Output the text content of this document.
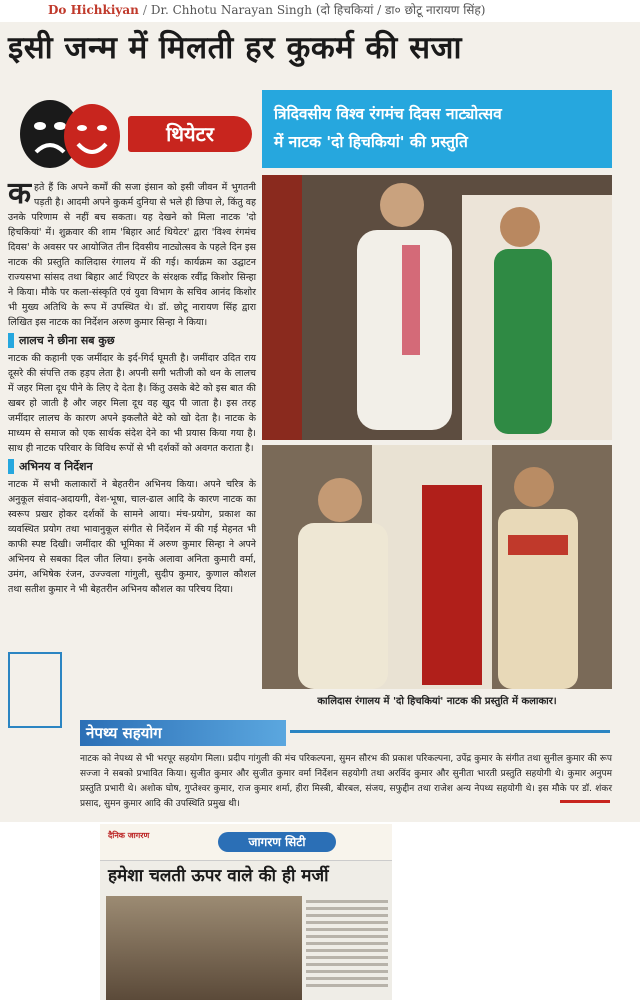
Do Hichkiyan / Dr. Chhotu Narayan Singh (दो हिचकियां / डा० छोटू नारायण सिंह)
इसी जन्म में मिलती हर कुकर्म की सजा
थियेटर
त्रिदिवसीय विश्व रंगमंच दिवस नाट्योत्सव
में नाटक 'दो हिचकियां' की प्रस्तुति

कहते हैं कि अपने कर्मों की सजा इंसान को इसी जीवन में भुगतनी पड़ती है। आदमी अपने कुकर्म दुनिया से भले ही छिपा ले, किंतु वह उनके परिणाम से नहीं बच सकता। यह देखने को मिला नाटक 'दो हिचकियां' में। शुक्रवार की शाम 'बिहार आर्ट थियेटर' द्वारा 'विश्व रंगमंच दिवस' के अवसर पर आयोजित तीन दिवसीय नाट्योत्सव के पहले दिन इस नाटक की प्रस्तुति कालिदास रंगालय में की गई। कार्यक्रम का उद्घाटन राज्यसभा सांसद तथा बिहार आर्ट थिएटर के संरक्षक रवींद्र किशोर सिन्हा ने किया। मौके पर कला-संस्कृति एवं युवा विभाग के सचिव आनंद किशोर भी मुख्य अतिथि के रूप में उपस्थित थे। डॉ. छोटू नारायण सिंह द्वारा लिखित इस नाटक का निर्देशन अरुण कुमार सिन्हा ने किया।

लालच ने छीना सब कुछ

नाटक की कहानी एक जमींदार के इर्द-गिर्द घूमती है। जमींदार उदित राय दूसरे की संपत्ति तक हड़प लेता है। अपनी सगी भतीजी को धन के लालच में जहर मिला दूध पीने के लिए दे देता है। किंतु उसके बेटे को इस बात की खबर हो जाती है और जहर मिला दूध वह खुद पी जाता है। इस तरह जमींदार लालच के कारण अपने इकलौते बेटे को खो देता है। नाटक के माध्यम से समाज को एक सार्थक संदेश देने का भी प्रयास किया गया है। साथ ही नाटक परिवार के विविध रूपों से भी दर्शकों को अवगत कराता है।

अभिनय व निर्देशन

नाटक में सभी कलाकारों ने बेहतरीन अभिनय किया। अपने चरित्र के अनुकूल संवाद-अदायगी, वेश-भूषा, चाल-ढाल आदि के कारण नाटक का स्वरूप प्रखर होकर दर्शकों के सामने आया। मंच-प्रयोग, प्रकाश का व्यवस्थित प्रयोग तथा भावानुकूल संगीत से निर्देशन में की गई मेहनत भी काफी स्पष्ट दिखी। जमींदार की भूमिका में अरुण कुमार सिन्हा ने अपने अभिनय से सबका दिल जीत लिया। इनके अलावा अनिता कुमारी वर्मा, उमंग, अभिषेक रंजन, उज्ज्वला गांगुली, सुदीप कुमार, कुणाल कौशल तथा सतीश कुमार ने भी बेहतरीन अभिनय कौशल का परिचय दिया।

कालिदास रंगालय में 'दो हिचकियां' नाटक की प्रस्तुति में कलाकार।
नेपथ्य सहयोग
नाटक को नेपथ्य से भी भरपूर सहयोग मिला। प्रदीप गांगुली की मंच परिकल्पना, सुमन सौरभ की प्रकाश परिकल्पना, उपेंद्र कुमार के संगीत तथा सुनील कुमार की रूप सज्जा ने सबको प्रभावित किया। सुजीत कुमार और सुजीत कुमार वर्मा निर्देशन सहयोगी तथा अरविंद कुमार और सुनीता भारती प्रस्तुति सहयोगी थे। कुमार अनुपम प्रस्तुति प्रभारी थे। अशोक घोष, गुप्तेश्वर कुमार, राज कुमार शर्मा, हीरा मिस्त्री, बीरबल, संजय, सफुद्दीन तथा राजेश अन्य नेपथ्य सहयोगी थे। इस मौके पर डॉ. शंकर प्रसाद, सुमन कुमार आदि की उपस्थिति प्रमुख थी।
दैनिक जागरण	जागरण सिटी
हमेशा चलती ऊपर वाले की ही मर्जी
